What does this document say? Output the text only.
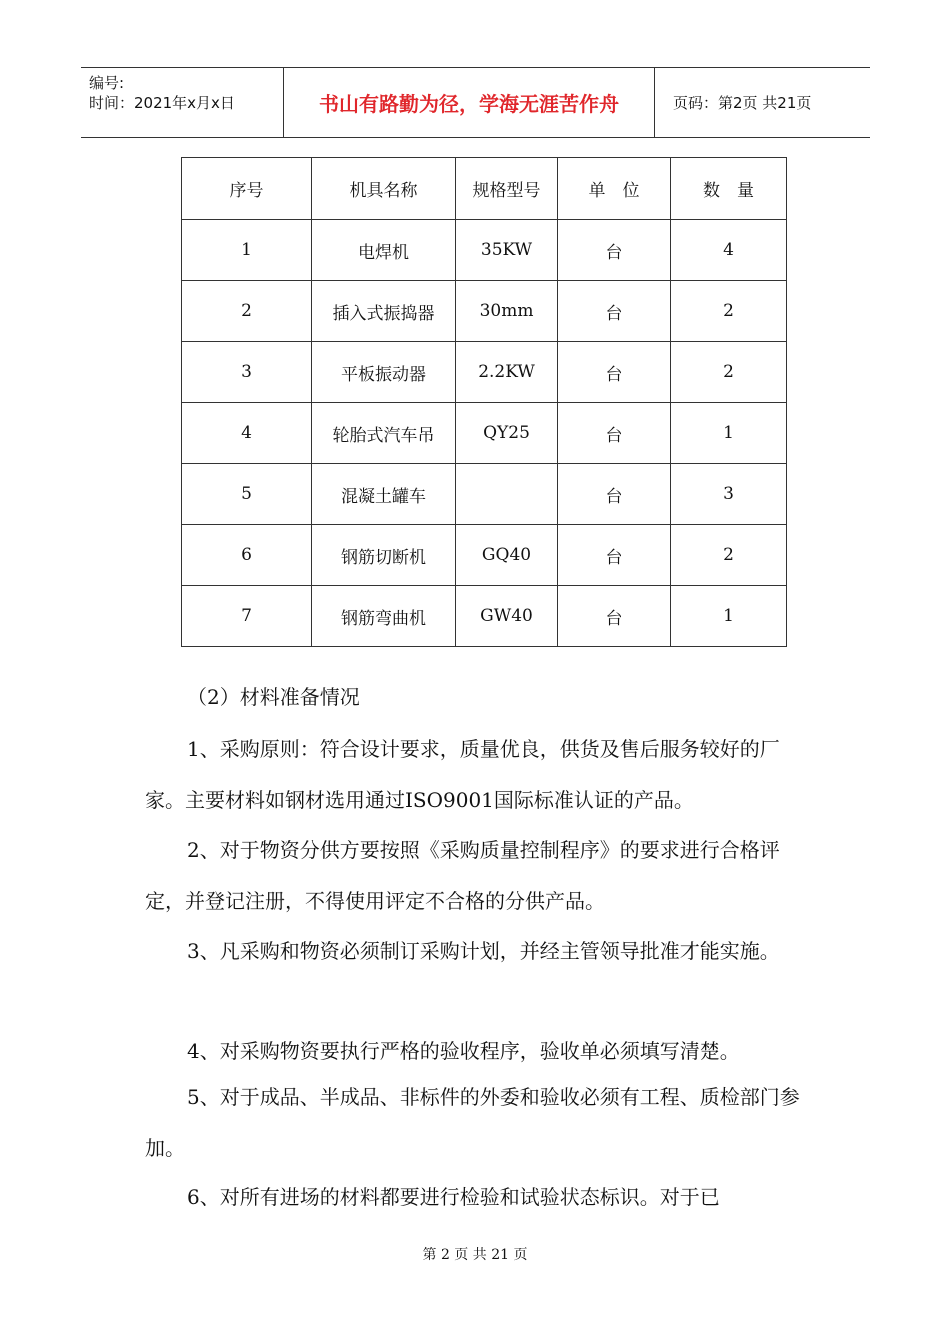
编号:
时间：2021年x月x日	书山有路勤为径，学海无涯苦作舟	页码：第2页 共21页
序号	机具名称	规格型号	单　位	数　量
1	电焊机	35KW	台	4
2	插入式振捣器	30mm	台	2
3	平板振动器	2.2KW	台	2
4	轮胎式汽车吊	QY25	台	1
5	混凝土罐车		台	3
6	钢筋切断机	GQ40	台	2
7	钢筋弯曲机	GW40	台	1
（2）材料准备情况
1、采购原则：符合设计要求，质量优良，供货及售后服务较好的厂家。主要材料如钢材选用通过ISO9001国际标准认证的产品。
2、对于物资分供方要按照《采购质量控制程序》的要求进行合格评定，并登记注册，不得使用评定不合格的分供产品。
3、凡采购和物资必须制订采购计划，并经主管领导批准才能实施。
4、对采购物资要执行严格的验收程序，验收单必须填写清楚。
5、对于成品、半成品、非标件的外委和验收必须有工程、质检部门参加。
6、对所有进场的材料都要进行检验和试验状态标识。对于已
第 2 页 共 21 页
